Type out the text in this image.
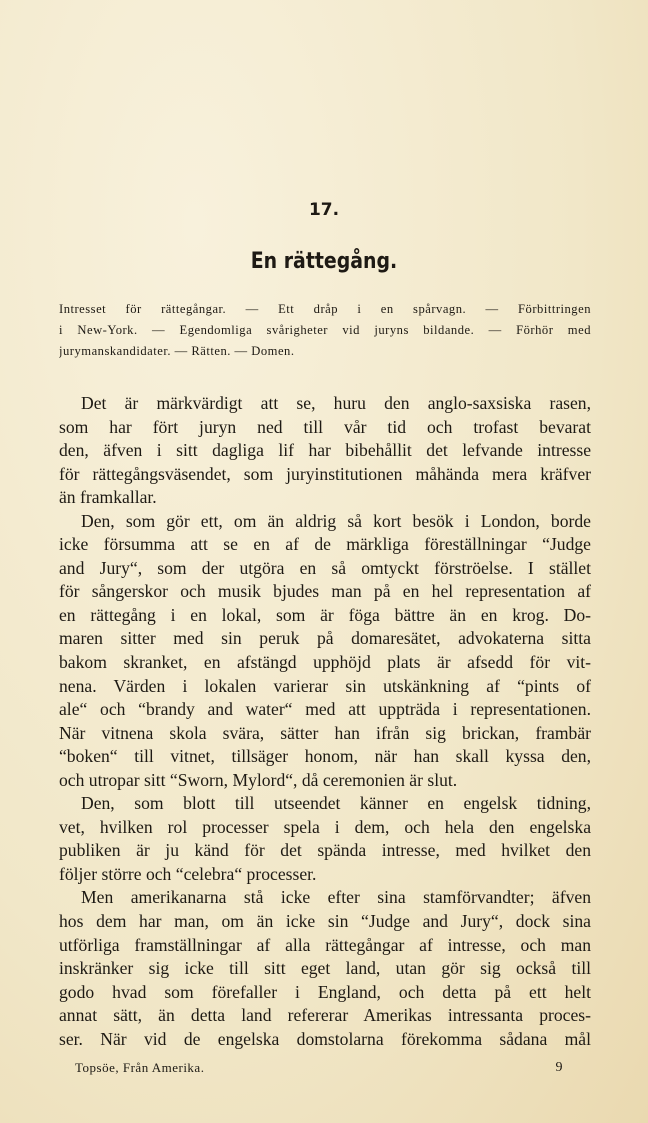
17.
En rättegång.
Intresset för rättegångar. — Ett dråp i en spårvagn. — Förbittringen
i New-York. — Egendomliga svårigheter vid juryns bildande. — Förhör med
jurymanskandidater. — Rätten. — Domen.
Det är märkvärdigt att se, huru den anglo-saxsiska rasen,
som har fört juryn ned till vår tid och trofast bevarat
den, äfven i sitt dagliga lif har bibehållit det lefvande intresse
för rättegångsväsendet, som juryinstitutionen måhända mera kräfver
än framkallar.
Den, som gör ett, om än aldrig så kort besök i London, borde
icke försumma att se en af de märkliga föreställningar “Judge
and Jury“, som der utgöra en så omtyckt förströelse. I stället
för sångerskor och musik bjudes man på en hel representation af
en rättegång i en lokal, som är föga bättre än en krog. Do-
maren sitter med sin peruk på domaresätet, advokaterna sitta
bakom skranket, en afstängd upphöjd plats är afsedd för vit-
nena. Värden i lokalen varierar sin utskänkning af “pints of
ale“ och “brandy and water“ med att uppträda i representationen.
När vitnena skola svära, sätter han ifrån sig brickan, frambär
“boken“ till vitnet, tillsäger honom, när han skall kyssa den,
och utropar sitt “Sworn, Mylord“, då ceremonien är slut.
Den, som blott till utseendet känner en engelsk tidning,
vet, hvilken rol processer spela i dem, och hela den engelska
publiken är ju känd för det spända intresse, med hvilket den
följer större och “celebra“ processer.
Men amerikanarna stå icke efter sina stamförvandter; äfven
hos dem har man, om än icke sin “Judge and Jury“, dock sina
utförliga framställningar af alla rättegångar af intresse, och man
inskränker sig icke till sitt eget land, utan gör sig också till
godo hvad som förefaller i England, och detta på ett helt
annat sätt, än detta land refererar Amerikas intressanta proces-
ser. När vid de engelska domstolarna förekomma sådana mål
Topsöe, Från Amerika.	9
